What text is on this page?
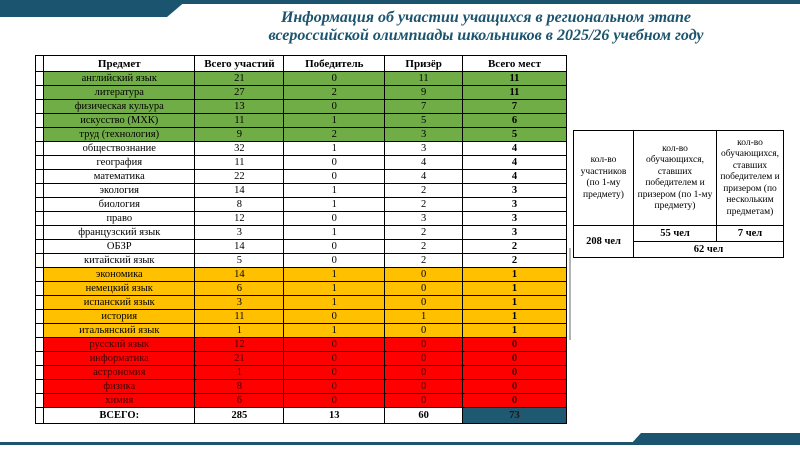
Информация об участии учащихся в региональном этапе
всероссийской олимпиады школьников в 2025/26 учебном году
	Предмет	Всего участий	Победитель	Призёр	Всего мест
	английский язык	21	0	11	11
	литература	27	2	9	11
	физическая кульура	13	0	7	7
	искусство (МХК)	11	1	5	6
	труд (технология)	9	2	3	5
	обществознание	32	1	3	4
	география	11	0	4	4
	математика	22	0	4	4
	экология	14	1	2	3
	биология	8	1	2	3
	право	12	0	3	3
	французский язык	3	1	2	3
	ОБЗР	14	0	2	2
	китайский язык	5	0	2	2
	экономика	14	1	0	1
	немецкий язык	6	1	0	1
	испанский язык	3	1	0	1
	история	11	0	1	1
	итальянский язык	1	1	0	1
	русский язык	12	0	0	0
	информатика	21	0	0	0
	астрономия	1	0	0	0
	физика	8	0	0	0
	химия	6	0	0	0
	ВСЕГО:	285	13	60	73
кол-во участников (по 1-му предмету)	кол-во обучающихся, ставших победителем и призером (по 1-му предмету)	кол-во обучающихся, ставших победителем и призером (по нескольким предметам)
208 чел	55 чел	7 чел
	62 чел	
